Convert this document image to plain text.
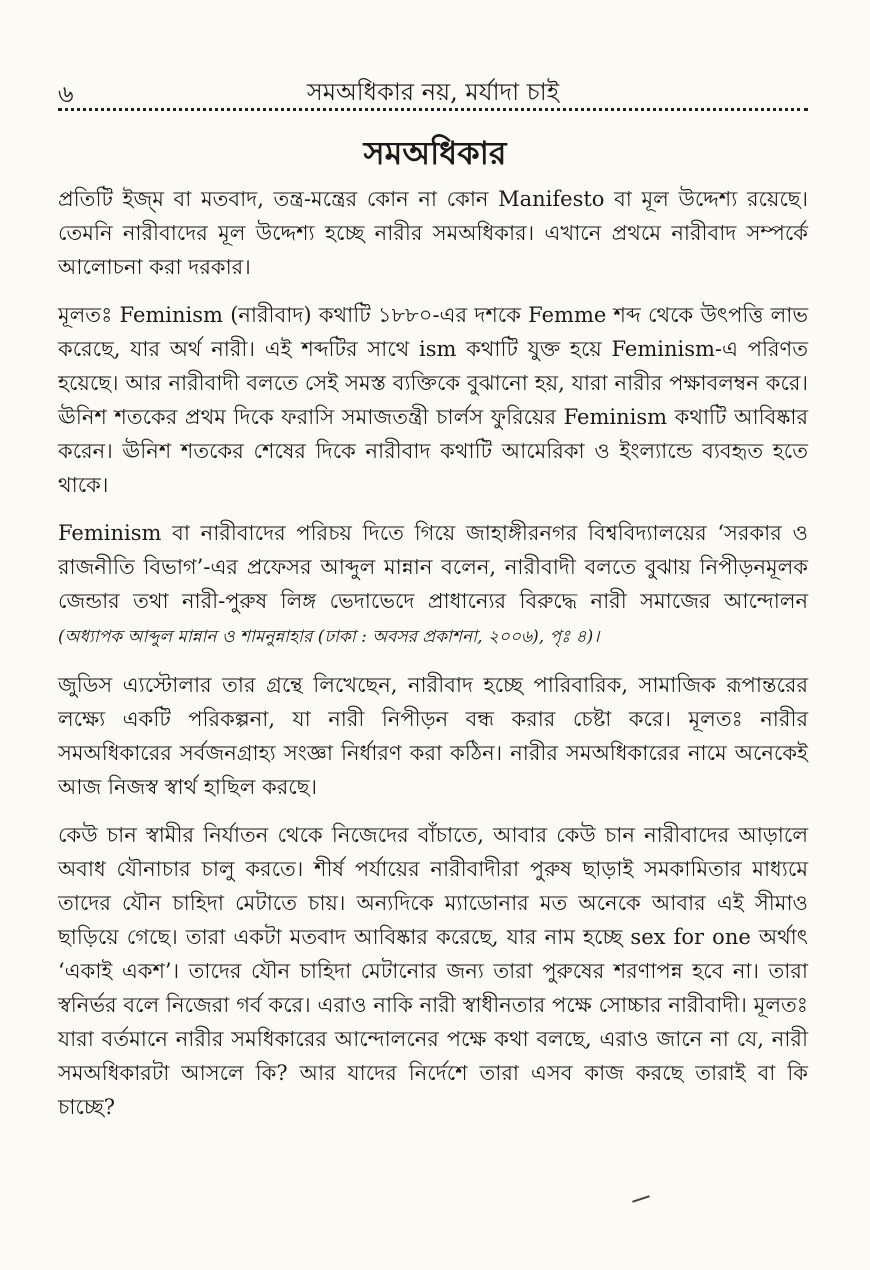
৬	সমঅধিকার নয়, মর্যাদা চাই
সমঅধিকার

প্রতিটি ইজ্‌ম বা মতবাদ, তন্ত্র-মন্ত্রের কোন না কোন Manifesto বা মূল উদ্দেশ্য রয়েছে। তেমনি নারীবাদের মূল উদ্দেশ্য হচ্ছে নারীর সমঅধিকার। এখানে প্রথমে নারীবাদ সম্পর্কে আলোচনা করা দরকার।

মূলতঃ Feminism (নারীবাদ) কথাটি ১৮৮০-এর দশকে Femme শব্দ থেকে উৎপত্তি লাভ করেছে, যার অর্থ নারী। এই শব্দটির সাথে ism কথাটি যুক্ত হয়ে Feminism-এ পরিণত হয়েছে। আর নারীবাদী বলতে সেই সমস্ত ব্যক্তিকে বুঝানো হয়, যারা নারীর পক্ষাবলম্বন করে। ঊনিশ শতকের প্রথম দিকে ফরাসি সমাজতন্ত্রী চার্লস ফুরিয়ের Feminism কথাটি আবিষ্কার করেন। ঊনিশ শতকের শেষের দিকে নারীবাদ কথাটি আমেরিকা ও ইংল্যান্ডে ব্যবহৃত হতে থাকে।

Feminism বা নারীবাদের পরিচয় দিতে গিয়ে জাহাঙ্গীরনগর বিশ্ববিদ্যালয়ের ‘সরকার ও রাজনীতি বিভাগ’-এর প্রফেসর আব্দুল মান্নান বলেন, নারীবাদী বলতে বুঝায় নিপীড়নমূলক জেন্ডার তথা নারী-পুরুষ লিঙ্গ ভেদাভেদে প্রাধান্যের বিরুদ্ধে নারী সমাজের আন্দোলন (অধ্যাপক আব্দুল মান্নান ও শামনুন্নাহার (ঢাকা : অবসর প্রকাশনা, ২০০৬), পৃঃ ৪)।

জুডিস এ্যস্টোলার তার গ্রন্থে লিখেছেন, নারীবাদ হচ্ছে পারিবারিক, সামাজিক রূপান্তরের লক্ষ্যে একটি পরিকল্পনা, যা নারী নিপীড়ন বন্ধ করার চেষ্টা করে। মূলতঃ নারীর সমঅধিকারের সর্বজনগ্রাহ্য সংজ্ঞা নির্ধারণ করা কঠিন। নারীর সমঅধিকারের নামে অনেকেই আজ নিজস্ব স্বার্থ হাছিল করছে।

কেউ চান স্বামীর নির্যাতন থেকে নিজেদের বাঁচাতে, আবার কেউ চান নারীবাদের আড়ালে অবাধ যৌনাচার চালু করতে। শীর্ষ পর্যায়ের নারীবাদীরা পুরুষ ছাড়াই সমকামিতার মাধ্যমে তাদের যৌন চাহিদা মেটাতে চায়। অন্যদিকে ম্যাডোনার মত অনেকে আবার এই সীমাও ছাড়িয়ে গেছে। তারা একটা মতবাদ আবিষ্কার করেছে, যার নাম হচ্ছে sex for one অর্থাৎ ‘একাই একশ’। তাদের যৌন চাহিদা মেটানোর জন্য তারা পুরুষের শরণাপন্ন হবে না। তারা স্বনির্ভর বলে নিজেরা গর্ব করে। এরাও নাকি নারী স্বাধীনতার পক্ষে সোচ্চার নারীবাদী। মূলতঃ যারা বর্তমানে নারীর সমধিকারের আন্দোলনের পক্ষে কথা বলছে, এরাও জানে না যে, নারী সমঅধিকারটা আসলে কি? আর যাদের নির্দেশে তারা এসব কাজ করছে তারাই বা কি চাচ্ছে?
